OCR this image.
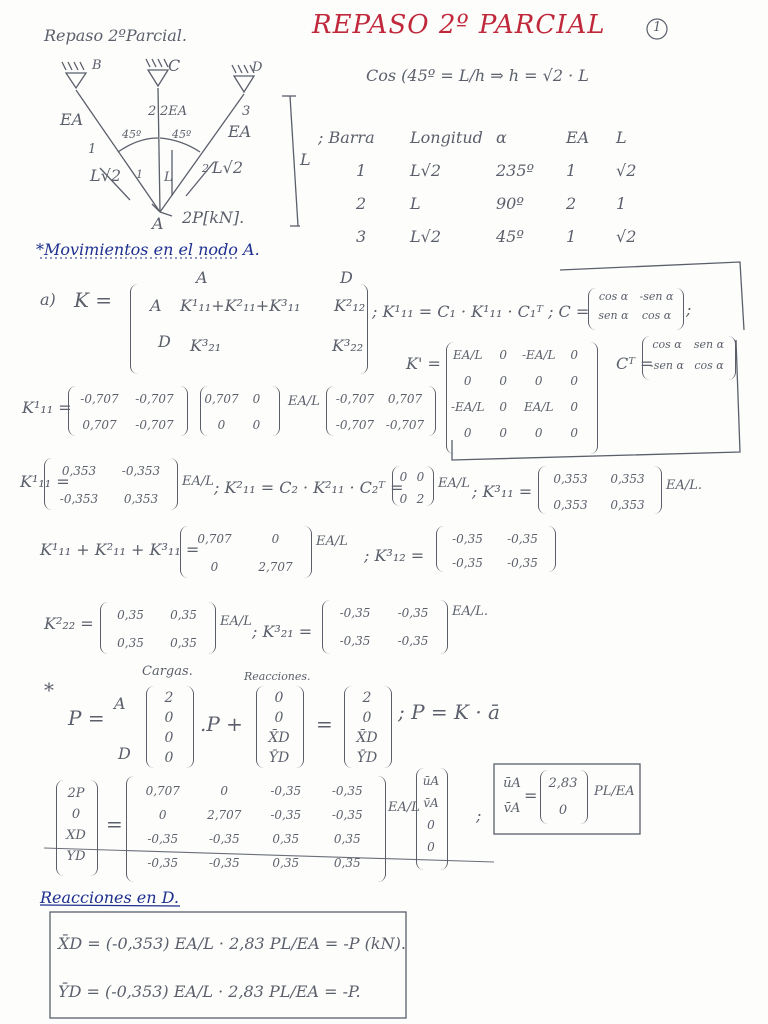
Repaso 2ºParcial.	REPASO 2º PARCIAL	1
B	C	D
EA	2EA
EA
1
2	3
45º	45º
L√2	L√2
L
L
1	2
A 2P[kN].
Cos (45º = L/h ⇒ h = √2 · L
; Barra	Longitud α	EA	L
1	L√2	235º	1	√2
2	L	90º	2	1
3	L√2	45º	1	√2
*Movimientos en el nodo A.
a) K =
A	D
A
D
K¹₁₁+K²₁₁+K³₁₁ K²₁₂
K³₂₁	K³₂₂
; K¹₁₁ = C₁ · K¹₁₁ · C₁ᵀ ; C =
cos α	-sen α
sen α	cos α ;
Cᵀ =
cos α	sen α
-sen α cos α
K' = EA/L	0	-EA/L	0
0	0	0	0
-EA/L	0	EA/L	0
0	0	0	0
K¹₁₁ = -0,707	-0,707
0,707	-0,707
0,707	0
0	0
EA/L	-0,707	0,707
-0,707 -0,707
K¹₁₁ =
0,353	-0,353
-0,353	0,353
EA/L ; K²₁₁ = C₂ · K²₁₁ · C₂ᵀ =
0 0
0 2
EA/L ; K³₁₁ =
0,353	0,353
0,353	0,353
EA/L.
K¹₁₁ + K²₁₁ + K³₁₁ =
0,707	0
0	2,707
EA/L
; K³₁₂ =
-0,35	-0,35
-0,35	-0,35
K²₂₂ =	0,35	0,35
0,35	0,35
EA/L
; K³₂₁ =
-0,35	-0,35
-0,35	-0,35
EA/L.
*
Cargas.	Reacciones.
P =
A
D
2
0
0
0
.P +
0
0
X̄D
ȲD
=
2
0
X̄D
ȲD
; P = K · ā
2P
0
XD
YD
=
0,707	0	-0,35	-0,35
0	2,707	-0,35	-0,35
-0,35	-0,35	0,35	0,35
-0,35	-0,35	0,35	0,35
EA/L
ūA
v̄A
0
0
;
ūA
v̄A
=
2,83
0
PL/EA
Reacciones en D.
X̄D = (-0,353) EA/L · 2,83 PL/EA = -P (kN).
ȲD = (-0,353) EA/L · 2,83 PL/EA = -P.
